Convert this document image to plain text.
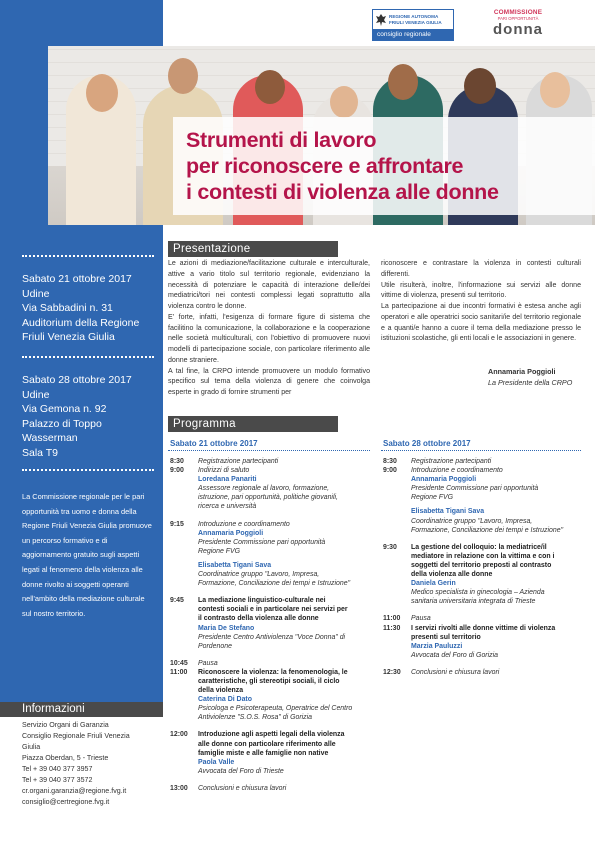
Sabato 21 ottobre 2017
Udine
Via Sabbadini n. 31
Auditorium della Regione
Friuli Venezia Giulia
Sabato 28 ottobre 2017
Udine
Via Gemona n. 92
Palazzo di Toppo
Wasserman
Sala T9
La Commissione regionale per le pari opportunità tra uomo e donna della Regione Friuli Venezia Giulia promuove un percorso formativo e di aggiornamento gratuito sugli aspetti legati al fenomeno della violenza alle donne rivolto ai soggetti operanti nell'ambito della mediazione culturale sul nostro territorio.
REGIONE AUTONOMA
FRIULI VENEZIA GIULIA
consiglio regionale
COMMISSIONE
PARI OPPORTUNITÀ
donna
Strumenti di lavoro
per riconoscere e affrontare
i contesti di violenza alle donne
Presentazione

Le azioni di mediazione/facilitazione culturale e interculturale, attive a vario titolo sul territorio regionale, evidenziano la necessità di potenziare le capacità di interazione delle/dei mediatrici/tori nei contesti complessi legati soprattutto alla violenza contro le donne.

E' forte, infatti, l'esigenza di formare figure di sistema che facilitino la comunicazione, la collaborazione e la cooperazione nelle società multiculturali, con l'obiettivo di promuovere nuovi modelli di partecipazione sociale, con particolare riferimento alle donne straniere.

A tal fine, la CRPO intende promuovere un modulo formativo specifico sul tema della violenza di genere che coinvolga esperte in grado di fornire strumenti per

riconoscere e contrastare la violenza in contesti culturali differenti.

Utile risulterà, inoltre, l'informazione sui servizi alle donne vittime di violenza, presenti sul territorio.

La partecipazione ai due incontri formativi è estesa anche agli operatori e alle operatrici socio sanitari/ie del territorio regionale e a quanti/e hanno a cuore il tema della mediazione presso le istituzioni scolastiche, gli enti locali e le associazioni in genere.

Annamaria Poggioli
La Presidente della CRPO
Programma
Sabato 21 ottobre 2017
8:30 Registrazione partecipanti
9:00 Indirizzi di saluto
Loredana Panariti
Assessore regionale al lavoro, formazione,
istruzione, pari opportunità, politiche giovanili,
ricerca e università
9:15 Introduzione e coordinamento
Annamaria Poggioli
Presidente Commissione pari opportunità
Regione FVG
Elisabetta Tigani Sava
Coordinatrice gruppo "Lavoro, Impresa,
Formazione, Conciliazione dei tempi e Istruzione"
9:45 La mediazione linguistico-culturale nei
contesti sociali e in particolare nei servizi per
il contrasto della violenza alle donne
Maria De Stefano
Presidente Centro Antiviolenza "Voce Donna" di
Pordenone
10:45 Pausa
11:00 Riconoscere la violenza: la fenomenologia, le
caratteristiche, gli stereotipi sociali, il ciclo
della violenza
Caterina Di Dato
Psicologa e Psicoterapeuta, Operatrice del Centro
Antiviolenze "S.O.S. Rosa" di Gorizia
12:00 Introduzione agli aspetti legali della violenza
alle donne con particolare riferimento alle
famiglie miste e alle famiglie non native
Paola Valle
Avvocata del Foro di Trieste
13:00 Conclusioni e chiusura lavori
Sabato 28 ottobre 2017
8:30 Registrazione partecipanti
9:00 Introduzione e coordinamento
Annamaria Poggioli
Presidente Commissione pari opportunità
Regione FVG
Elisabetta Tigani Sava
Coordinatrice gruppo "Lavoro, Impresa,
Formazione, Conciliazione dei tempi e Istruzione"
9:30 La gestione del colloquio: la mediatrice/il
mediatore in relazione con la vittima e con i
soggetti del territorio preposti al contrasto
della violenza alle donne
Daniela Gerin
Medico specialista in ginecologia – Azienda
sanitaria universitaria integrata di Trieste
11:00 Pausa
11:30 I servizi rivolti alle donne vittime di violenza
presenti sul territorio
Marzia Pauluzzi
Avvocata del Foro di Gorizia
12:30 Conclusioni e chiusura lavori
Informazioni
Servizio Organi di Garanzia
Consiglio Regionale Friuli Venezia
Giulia
Piazza Oberdan, 5 - Trieste
Tel + 39 040 377 3957
Tel + 39 040 377 3572
cr.organi.garanzia@regione.fvg.it
consiglio@certregione.fvg.it
